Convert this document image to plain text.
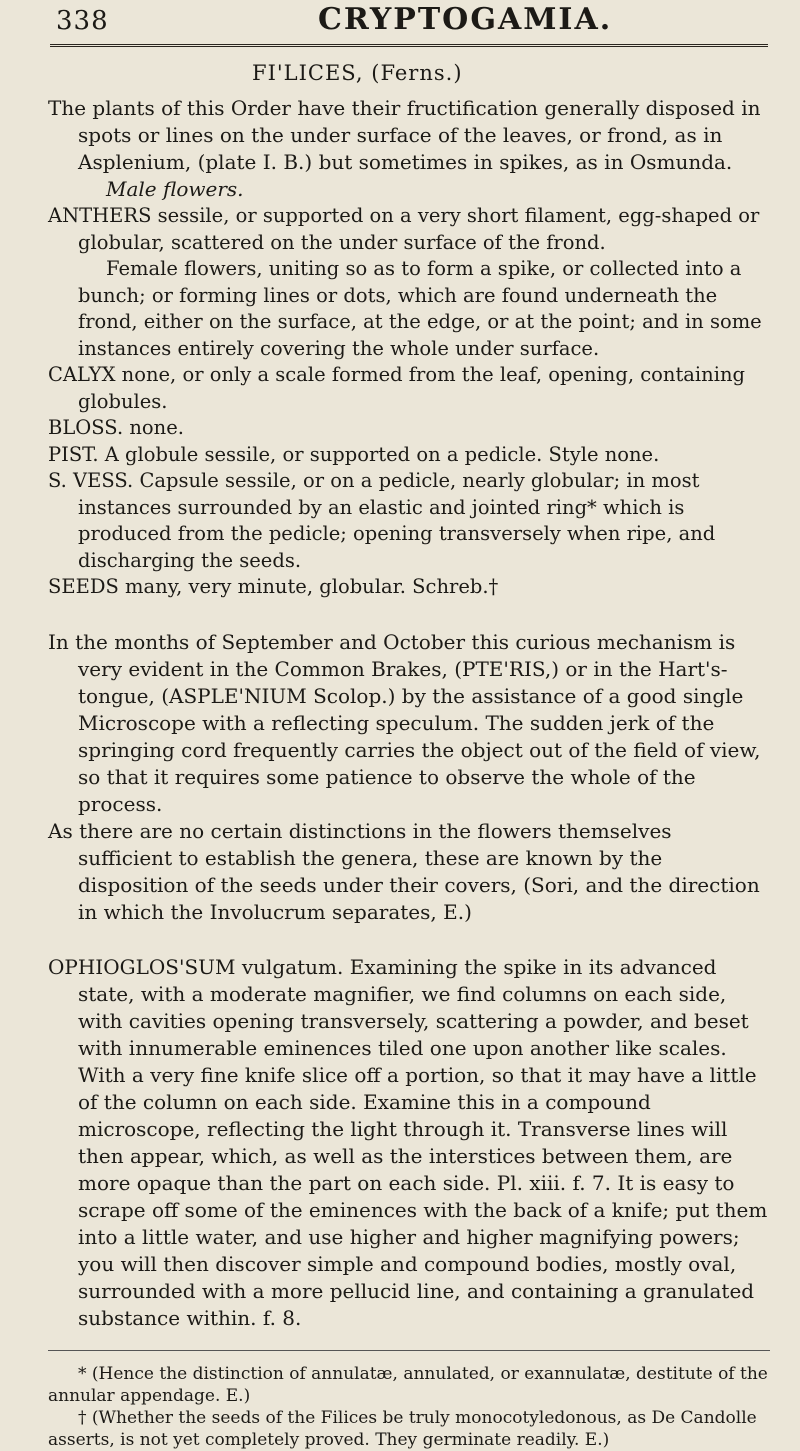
338	CRYPTOGAMIA.
FI'LICES, (Ferns.)

The plants of this Order have their fructification generally disposed in spots or lines on the under surface of the leaves, or frond, as in Asplenium, (plate I. B.) but sometimes in spikes, as in Osmunda.

Male flowers.

ANTHERS sessile, or supported on a very short filament, egg-shaped or globular, scattered on the under surface of the frond.

Female flowers, uniting so as to form a spike, or collected into a bunch; or forming lines or dots, which are found underneath the frond, either on the surface, at the edge, or at the point; and in some instances entirely covering the whole under surface.

CALYX none, or only a scale formed from the leaf, opening, containing globules.

BLOSS. none.

PIST. A globule sessile, or supported on a pedicle. Style none.

S. VESS. Capsule sessile, or on a pedicle, nearly globular; in most instances surrounded by an elastic and jointed ring* which is produced from the pedicle; opening transversely when ripe, and discharging the seeds.

SEEDS many, very minute, globular. Schreb.†

In the months of September and October this curious mechanism is very evident in the Common Brakes, (PTE'RIS,) or in the Hart's-tongue, (ASPLE'NIUM Scolop.) by the assistance of a good single Microscope with a reflecting speculum. The sudden jerk of the springing cord frequently carries the object out of the field of view, so that it requires some patience to observe the whole of the process.

As there are no certain distinctions in the flowers themselves sufficient to establish the genera, these are known by the disposition of the seeds under their covers, (Sori, and the direction in which the Involucrum separates, E.)

OPHIOGLOS'SUM vulgatum. Examining the spike in its advanced state, with a moderate magnifier, we find columns on each side, with cavities opening transversely, scattering a powder, and beset with innumerable eminences tiled one upon another like scales. With a very fine knife slice off a portion, so that it may have a little of the column on each side. Examine this in a compound microscope, reflecting the light through it. Transverse lines will then appear, which, as well as the interstices between them, are more opaque than the part on each side. Pl. xiii. f. 7. It is easy to scrape off some of the eminences with the back of a knife; put them into a little water, and use higher and higher magnifying powers; you will then discover simple and compound bodies, mostly oval, surrounded with a more pellucid line, and containing a granulated substance within. f. 8.

* (Hence the distinction of annulatæ, annulated, or exannulatæ, destitute of the annular appendage. E.)

† (Whether the seeds of the Filices be truly monocotyledonous, as De Candolle asserts, is not yet completely proved. They germinate readily. E.)
